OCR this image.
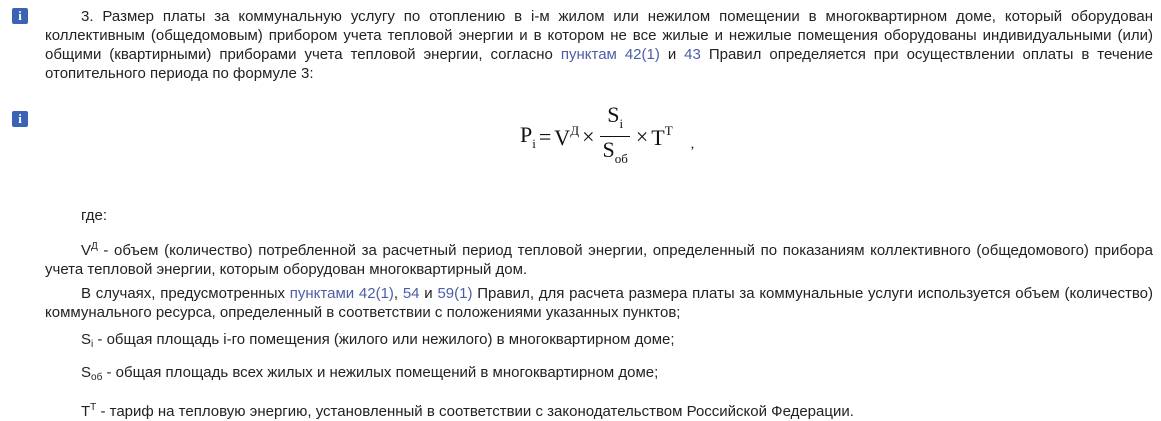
i
i

3. Размер платы за коммунальную услугу по отоплению в i-м жилом или нежилом помещении в многоквартирном доме, который оборудован коллективным (общедомовым) прибором учета тепловой энергии и в котором не все жилые и нежилые помещения оборудованы индивидуальными (или) общими (квартирными) приборами учета тепловой энергии, согласно пунктам 42(1) и 43 Правил определяется при осуществлении оплаты в течение отопительного периода по формуле 3:

$P_i = V^Д \times \frac{S_i}{S_{об}} \times T^Т$
,

где:

$V^Д$ - объем (количество) потребленной за расчетный период тепловой энергии, определенный по показаниям коллективного (общедомового) прибора учета тепловой энергии, которым оборудован многоквартирный дом.

В случаях, предусмотренных пунктами 42(1), 54 и 59(1) Правил, для расчета размера платы за коммунальные услуги используется объем (количество) коммунального ресурса, определенный в соответствии с положениями указанных пунктов;

$S_i$ - общая площадь i-го помещения (жилого или нежилого) в многоквартирном доме;

$S_{об}$ - общая площадь всех жилых и нежилых помещений в многоквартирном доме;

$T^Т$ - тариф на тепловую энергию, установленный в соответствии с законодательством Российской Федерации.
